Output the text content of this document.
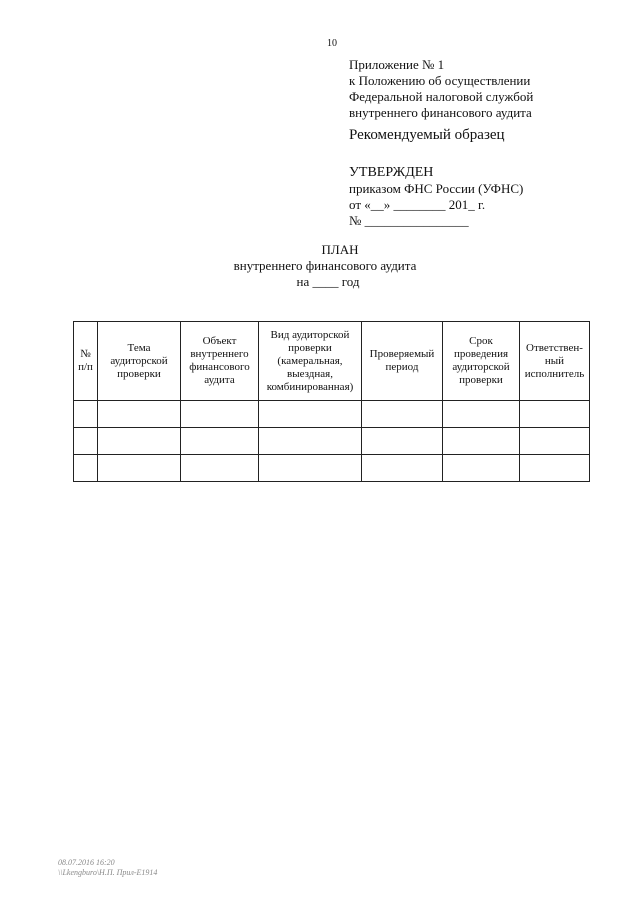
10
Приложение № 1
к Положению об осуществлении
Федеральной налоговой службой
внутреннего финансового аудита
Рекомендуемый образец
УТВЕРЖДЕН
приказом ФНС России (УФНС)
от «__» ________ 201_ г.
№ ________________
ПЛАН
внутреннего финансового аудита
на ____ год
№ п/п	Тема аудиторской проверки	Объект внутреннего финансового аудита	Вид аудиторской проверки (камеральная, выездная, комбинированная)	Проверяемый период	Срок проведения аудиторской проверки	Ответствен-ный исполнитель

08.07.2016 16:20
\\Lkengburo\Н.П. Прил-Е1914
